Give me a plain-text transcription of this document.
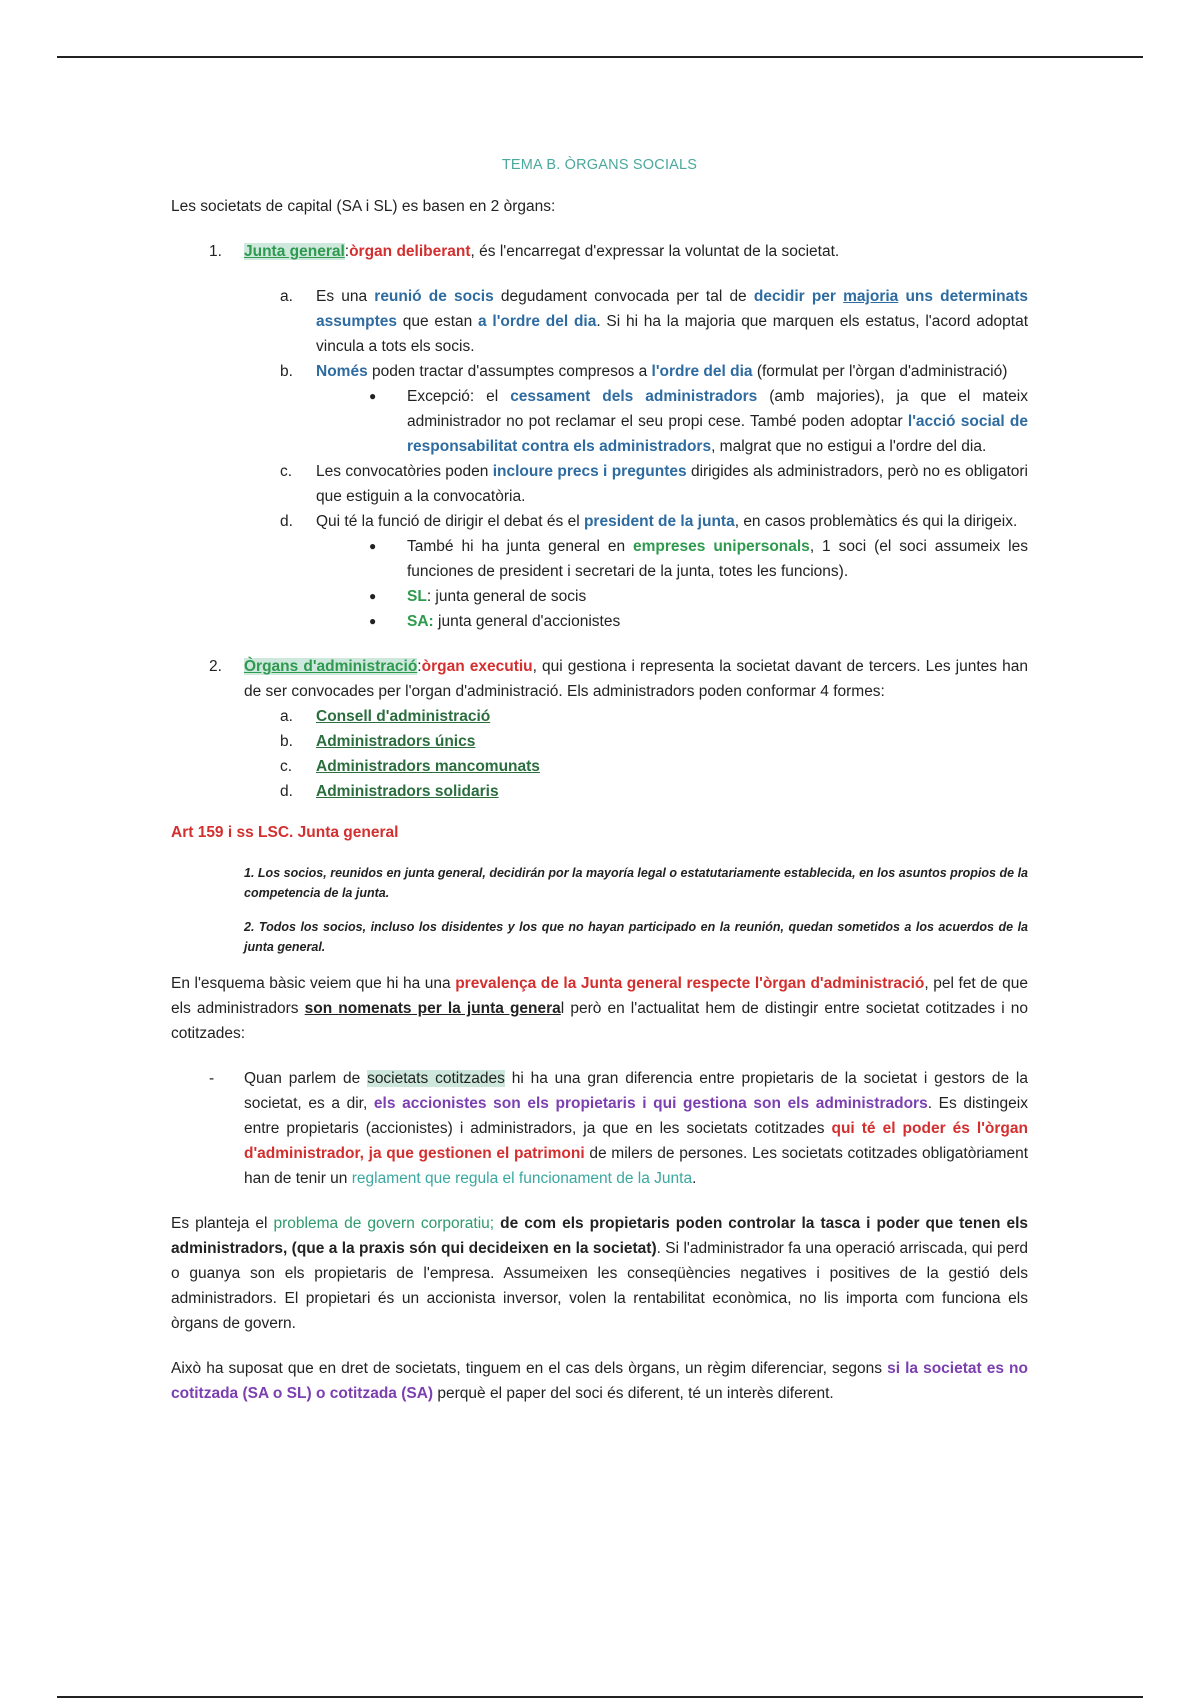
TEMA B. ÒRGANS SOCIALS

Les societats de capital (SA i SL) es basen en 2 òrgans:

1. Junta general:òrgan deliberant, és l'encarregat d'expressar la voluntat de la societat.

a. Es una reunió de socis degudament convocada per tal de decidir per majoria uns determinats assumptes que estan a l'ordre del dia. Si hi ha la majoria que marquen els estatus, l'acord adoptat vincula a tots els socis.

b. Només poden tractar d'assumptes compresos a l'ordre del dia (formulat per l'òrgan d'administració)

● Excepció: el cessament dels administradors (amb majories), ja que el mateix administrador no pot reclamar el seu propi cese. També poden adoptar l'acció social de responsabilitat contra els administradors, malgrat que no estigui a l'ordre del dia.

c. Les convocatòries poden incloure precs i preguntes dirigides als administradors, però no es obligatori que estiguin a la convocatòria.

d. Qui té la funció de dirigir el debat és el president de la junta, en casos problemàtics és qui la dirigeix.

● També hi ha junta general en empreses unipersonals, 1 soci (el soci assumeix les funciones de president i secretari de la junta, totes les funcions).

● SL: junta general de socis

● SA: junta general d'accionistes

2. Òrgans d'administració:òrgan executiu, qui gestiona i representa la societat davant de tercers. Les juntes han de ser convocades per l'organ d'administració. Els administradors poden conformar 4 formes:

a. Consell d'administració

b. Administradors únics

c. Administradors mancomunats

d. Administradors solidaris

Art 159 i ss LSC. Junta general

1. Los socios, reunidos en junta general, decidirán por la mayoría legal o estatutariamente establecida, en los asuntos propios de la competencia de la junta.

2. Todos los socios, incluso los disidentes y los que no hayan participado en la reunión, quedan sometidos a los acuerdos de la junta general.

En l'esquema bàsic veiem que hi ha una prevalença de la Junta general respecte l'òrgan d'administració, pel fet de que els administradors son nomenats per la junta general però en l'actualitat hem de distingir entre societat cotitzades i no cotitzades:

- Quan parlem de societats cotitzades hi ha una gran diferencia entre propietaris de la societat i gestors de la societat, es a dir, els accionistes son els propietaris i qui gestiona son els administradors. Es distingeix entre propietaris (accionistes) i administradors, ja que en les societats cotitzades qui té el poder és l'òrgan d'administrador, ja que gestionen el patrimoni de milers de persones. Les societats cotitzades obligatòriament han de tenir un reglament que regula el funcionament de la Junta.

Es planteja el problema de govern corporatiu; de com els propietaris poden controlar la tasca i poder que tenen els administradors, (que a la praxis són qui decideixen en la societat). Si l'administrador fa una operació arriscada, qui perd o guanya son els propietaris de l'empresa. Assumeixen les conseqüències negatives i positives de la gestió dels administradors. El propietari és un accionista inversor, volen la rentabilitat econòmica, no lis importa com funciona els òrgans de govern.

Això ha suposat que en dret de societats, tinguem en el cas dels òrgans, un règim diferenciar, segons si la societat es no cotitzada (SA o SL) o cotitzada (SA) perquè el paper del soci és diferent, té un interès diferent.
